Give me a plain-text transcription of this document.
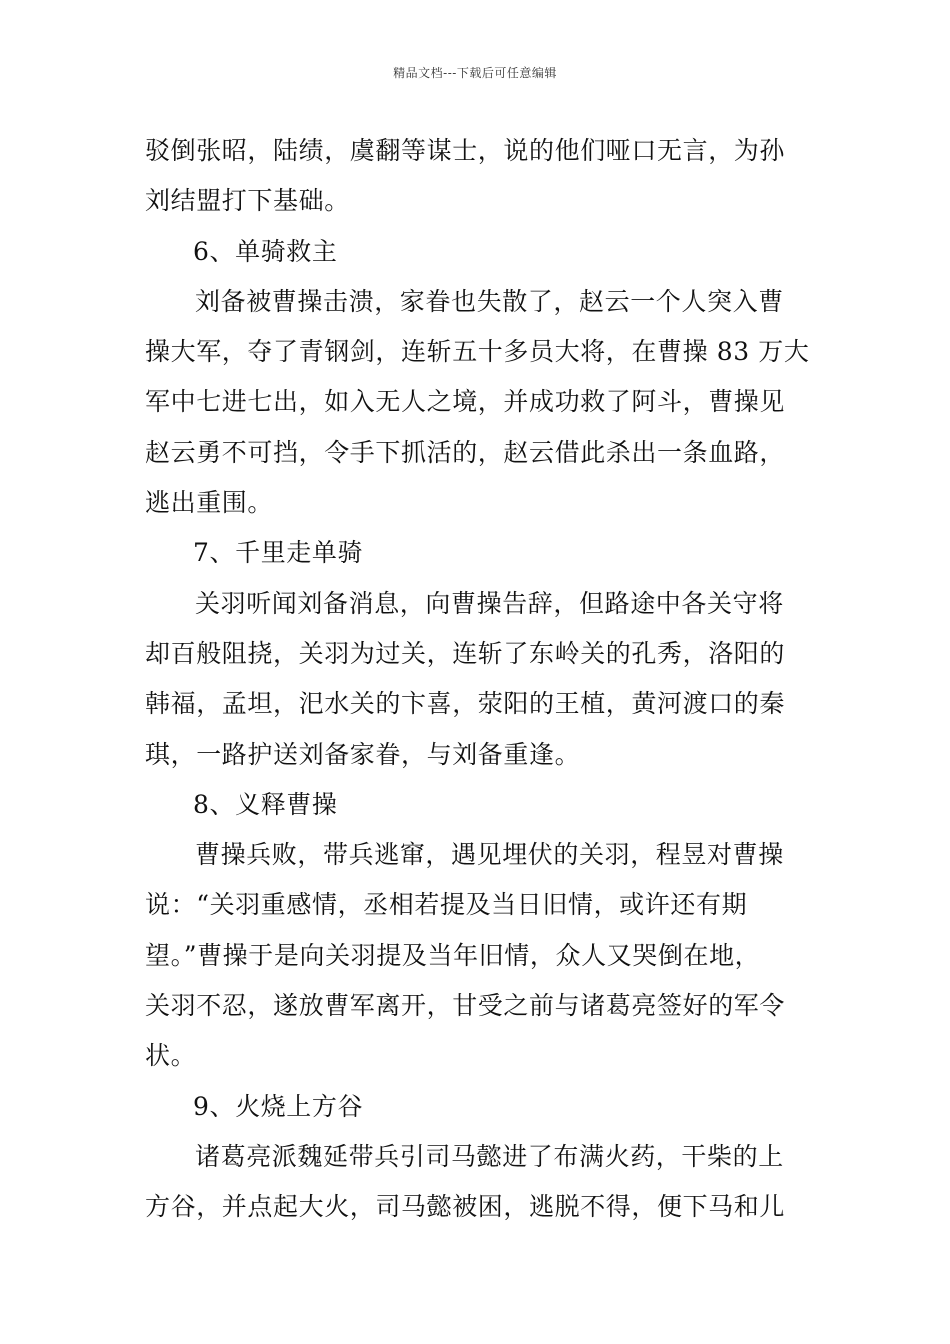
精品文档---下载后可任意编辑
驳倒张昭，陆绩，虞翻等谋士，说的他们哑口无言，为孙
刘结盟打下基础。
6、单骑救主
刘备被曹操击溃，家眷也失散了，赵云一个人突入曹
操大军，夺了青钢剑，连斩五十多员大将，在曹操 83 万大
军中七进七出，如入无人之境，并成功救了阿斗，曹操见
赵云勇不可挡，令手下抓活的，赵云借此杀出一条血路，
逃出重围。
7、千里走单骑
关羽听闻刘备消息，向曹操告辞，但路途中各关守将
却百般阻挠，关羽为过关，连斩了东岭关的孔秀，洛阳的
韩福，孟坦，汜水关的卞喜，荥阳的王植，黄河渡口的秦
琪，一路护送刘备家眷，与刘备重逢。
8、义释曹操
曹操兵败，带兵逃窜，遇见埋伏的关羽，程昱对曹操
说：“关羽重感情，丞相若提及当日旧情，或许还有期
望。”曹操于是向关羽提及当年旧情，众人又哭倒在地，
关羽不忍，遂放曹军离开，甘受之前与诸葛亮签好的军令
状。
9、火烧上方谷
诸葛亮派魏延带兵引司马懿进了布满火药，干柴的上
方谷，并点起大火，司马懿被困，逃脱不得，便下马和儿
